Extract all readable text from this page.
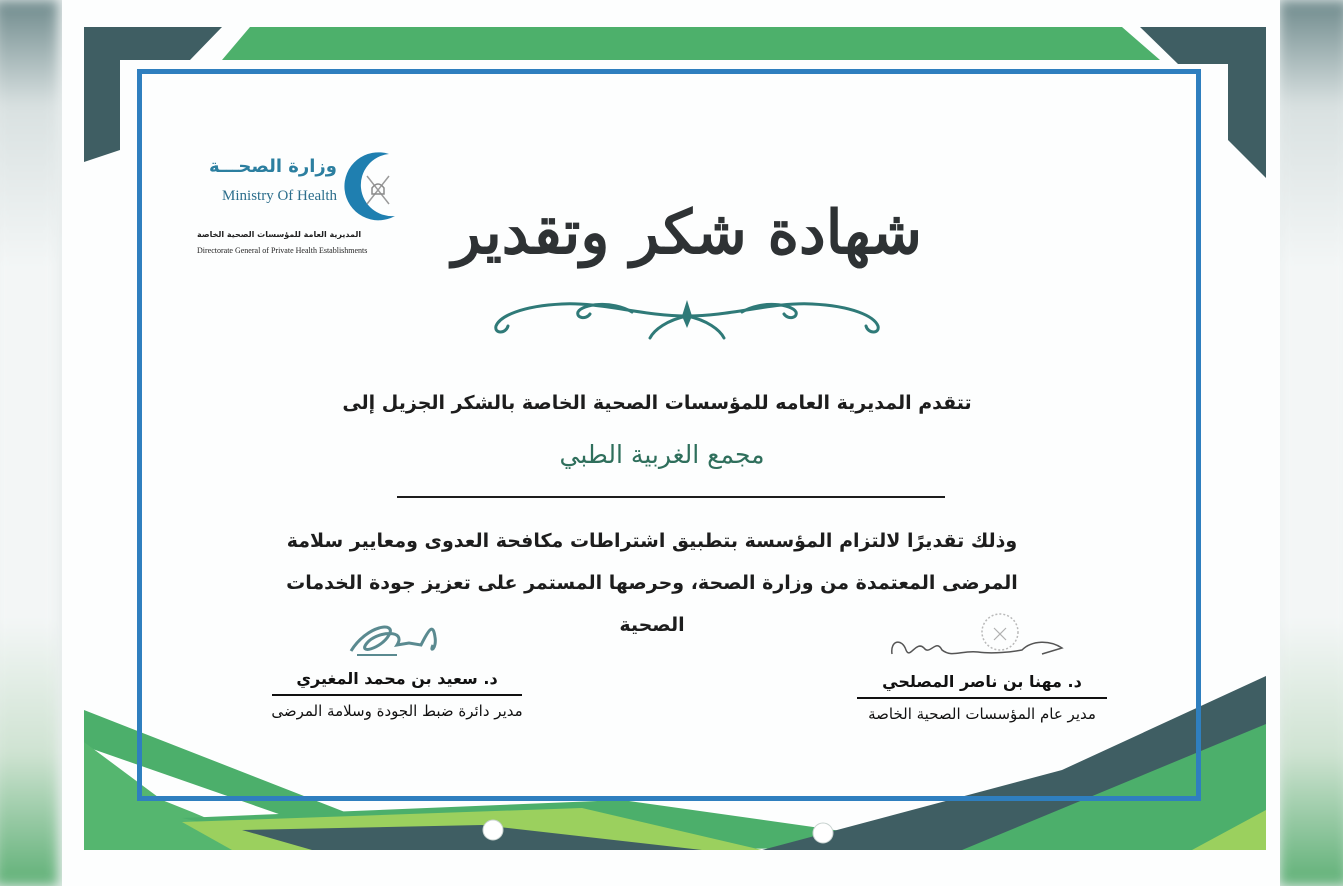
وزارة الصحـــة
Ministry Of Health
المديرية العامة للمؤسسات الصحية الخاصة
Directorate General of Private Health Establishments	شهادة شكر وتقدير
تتقدم المديرية العامه للمؤسسات الصحية الخاصة بالشكر الجزيل إلى
مجمع الغربية الطبي
وذلك تقديرًا لالتزام المؤسسة بتطبيق اشتراطات مكافحة العدوى ومعايير سلامة
المرضى المعتمدة من وزارة الصحة، وحرصها المستمر على تعزيز جودة الخدمات
الصحية
د. سعيد بن محمد المغيري
مدير دائرة ضبط الجودة وسلامة المرضى
د. مهنا بن ناصر المصلحي
مدير عام المؤسسات الصحية الخاصة
